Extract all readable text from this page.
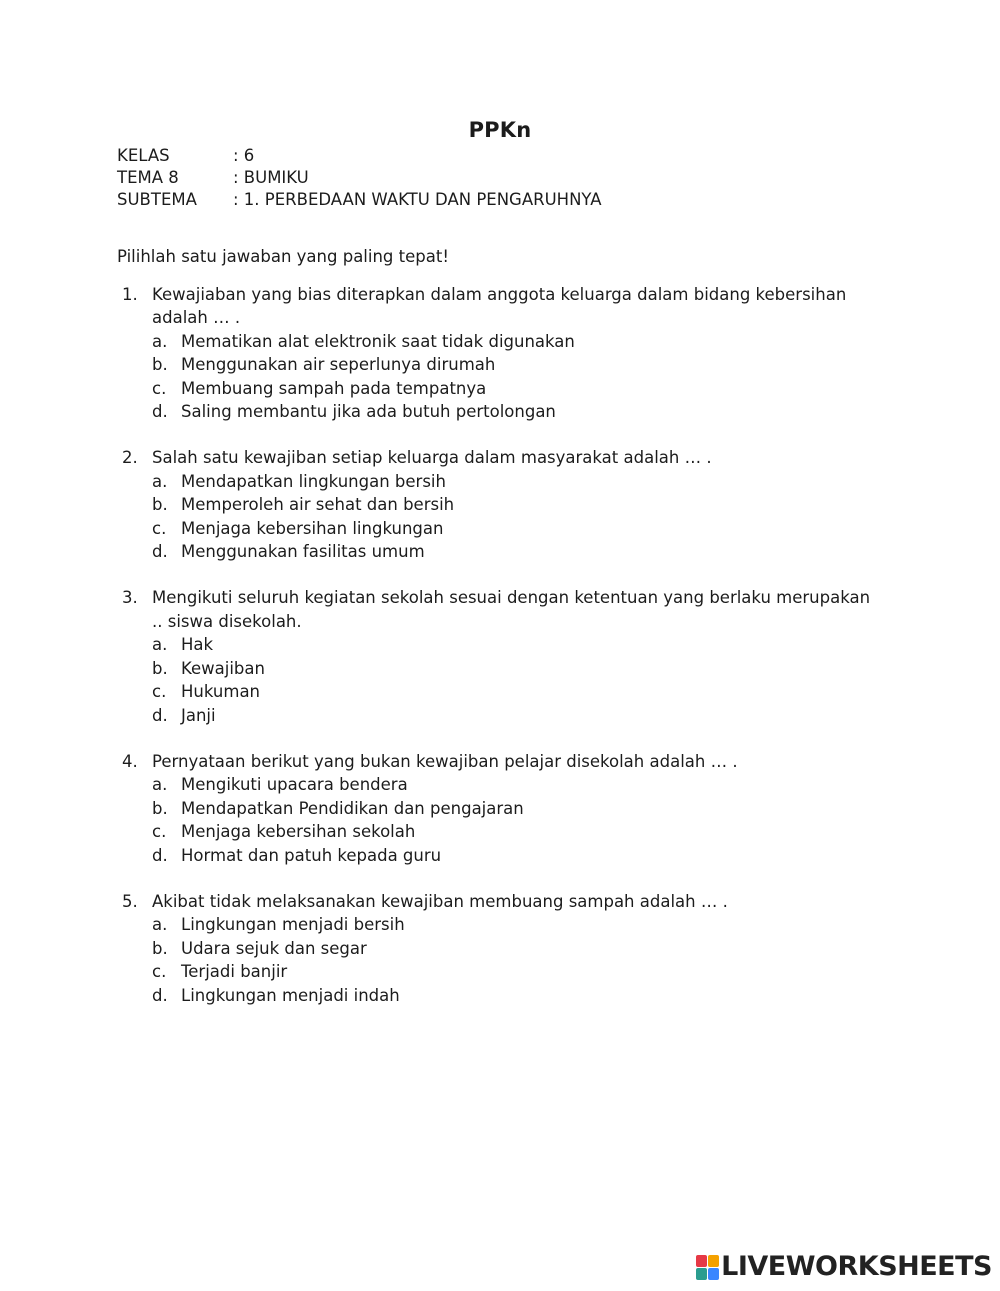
PPKn
KELAS	: 6
TEMA 8	: BUMIKU
SUBTEMA : 1. PERBEDAAN WAKTU DAN PENGARUHNYA
Pilihlah satu jawaban yang paling tepat!
1. Kewajiaban yang bias diterapkan dalam anggota keluarga dalam bidang kebersihan adalah … .
a. Mematikan alat elektronik saat tidak digunakan
b. Menggunakan air seperlunya dirumah
c. Membuang sampah pada tempatnya
d. Saling membantu jika ada butuh pertolongan
2. Salah satu kewajiban setiap keluarga dalam masyarakat adalah … .
a. Mendapatkan lingkungan bersih
b. Memperoleh air sehat dan bersih
c. Menjaga kebersihan lingkungan
d. Menggunakan fasilitas umum
3. Mengikuti seluruh kegiatan sekolah sesuai dengan ketentuan yang berlaku merupakan .. siswa disekolah.
a. Hak
b. Kewajiban
c. Hukuman
d. Janji
4. Pernyataan berikut yang bukan kewajiban pelajar disekolah adalah … .
a. Mengikuti upacara bendera
b. Mendapatkan Pendidikan dan pengajaran
c. Menjaga kebersihan sekolah
d. Hormat dan patuh kepada guru
5. Akibat tidak melaksanakan kewajiban membuang sampah adalah … .
a. Lingkungan menjadi bersih
b. Udara sejuk dan segar
c. Terjadi banjir
d. Lingkungan menjadi indah
LIVEWORKSHEETS
